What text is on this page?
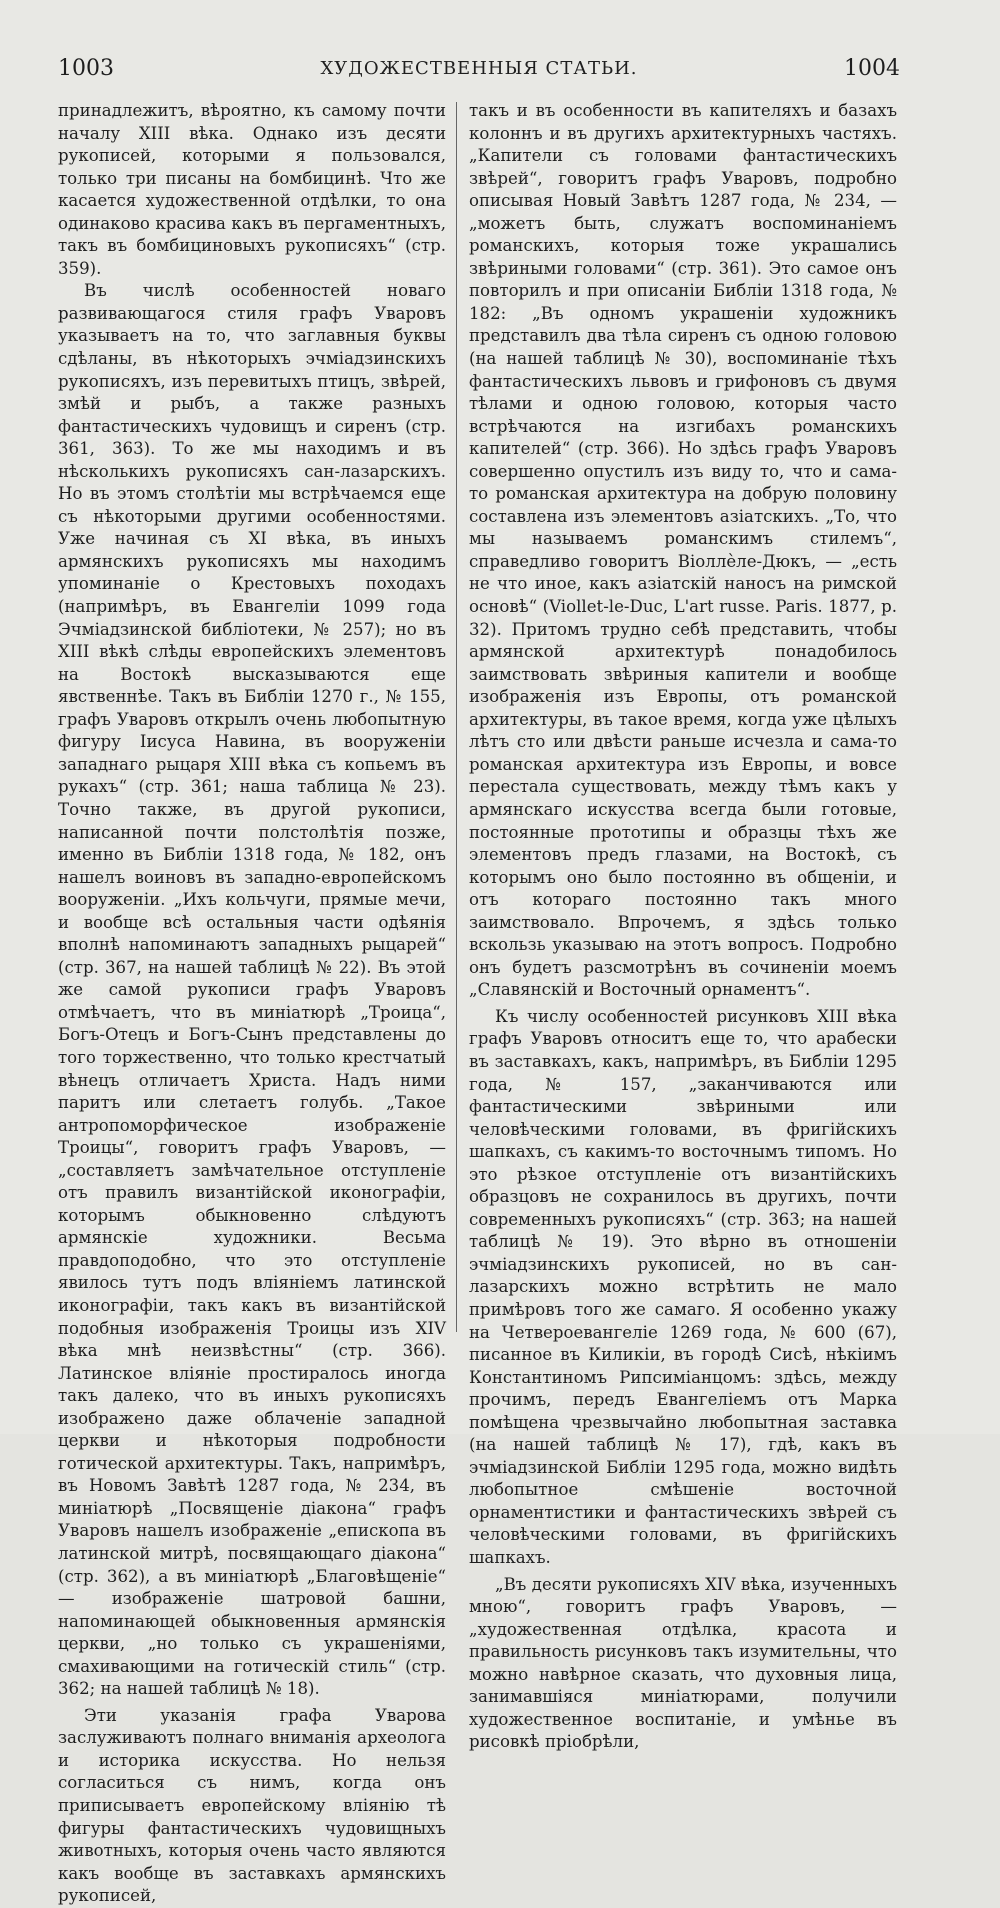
1003	ХУДОЖЕСТВЕННЫЯ СТАТЬИ.	1004

принадлежитъ, вѣроятно, къ самому почти началу XIII вѣка. Однако изъ десяти рукописей, которыми я пользовался, только три писаны на бомбицинѣ. Что же касается художественной отдѣлки, то она одинаково красива какъ въ пергаментныхъ, такъ въ бомбициновыхъ рукописяхъ“ (стр. 359).

Въ числѣ особенностей новаго развивающагося стиля графъ Уваровъ указываетъ на то, что заглавныя буквы сдѣланы, въ нѣкоторыхъ эчміадзинскихъ рукописяхъ, изъ перевитыхъ птицъ, звѣрей, змѣй и рыбъ, а также разныхъ фантастическихъ чудовищъ и сиренъ (стр. 361, 363). То же мы находимъ и въ нѣсколькихъ рукописяхъ сан-лазарскихъ. Но въ этомъ столѣтіи мы встрѣчаемся еще съ нѣкоторыми другими особенностями. Уже начиная съ XI вѣка, въ иныхъ армянскихъ рукописяхъ мы находимъ упоминаніе о Крестовыхъ походахъ (напримѣръ, въ Евангеліи 1099 года Эчміадзинской библіотеки, № 257); но въ XIII вѣкѣ слѣды европейскихъ элементовъ на Востокѣ высказываются еще явственнѣе. Такъ въ Библіи 1270 г., № 155, графъ Уваровъ открылъ очень любопытную фигуру Іисуса Навина, въ вооруженіи западнаго рыцаря XIII вѣка съ копьемъ въ рукахъ“ (стр. 361; наша таблица № 23). Точно также, въ другой рукописи, написанной почти полстолѣтія позже, именно въ Библіи 1318 года, № 182, онъ нашелъ воиновъ въ западно-европейскомъ вооруженіи. „Ихъ кольчуги, прямые мечи, и вообще всѣ остальныя части одѣянія вполнѣ напоминаютъ западныхъ рыцарей“ (стр. 367, на нашей таблицѣ № 22). Въ этой же самой рукописи графъ Уваровъ отмѣчаетъ, что въ миніатюрѣ „Троица“, Богъ-Отецъ и Богъ-Сынъ представлены до того торжественно, что только крестчатый вѣнецъ отличаетъ Христа. Надъ ними паритъ или слетаетъ голубь. „Такое антропоморфическое изображеніе Троицы“, говоритъ графъ Уваровъ, — „составляетъ замѣчательное отступленіе отъ правилъ византійской иконографіи, которымъ обыкновенно слѣдуютъ армянскіе художники. Весьма правдоподобно, что это отступленіе явилось тутъ подъ вліяніемъ латинской иконографіи, такъ какъ въ византійской подобныя изображенія Троицы изъ XIV вѣка мнѣ неизвѣстны“ (стр. 366). Латинское вліяніе простиралось иногда такъ далеко, что въ иныхъ рукописяхъ изображено даже облаченіе западной церкви и нѣкоторыя подробности готической архитектуры. Такъ, напримѣръ, въ Новомъ Завѣтѣ 1287 года, № 234, въ миніатюрѣ „Посвященіе діакона“ графъ Уваровъ нашелъ изображеніе „епископа въ латинской митрѣ, посвящающаго діакона“ (стр. 362), а въ миніатюрѣ „Благовѣщеніе“ — изображеніе шатровой башни, напоминающей обыкновенныя армянскія церкви, „но только съ украшеніями, смахивающими на готическій стиль“ (стр. 362; на нашей таблицѣ № 18).

Эти указанія графа Уварова заслуживаютъ полнаго вниманія археолога и историка искусства. Но нельзя согласиться съ нимъ, когда онъ приписываетъ европейскому вліянію тѣ фигуры фантастическихъ чудовищныхъ животныхъ, которыя очень часто являются какъ вообще въ заставкахъ армянскихъ рукописей,

такъ и въ особенности въ капителяхъ и базахъ колоннъ и въ другихъ архитектурныхъ частяхъ. „Капители съ головами фантастическихъ звѣрей“, говоритъ графъ Уваровъ, подробно описывая Новый Завѣтъ 1287 года, № 234, — „можетъ быть, служатъ воспоминаніемъ романскихъ, которыя тоже украшались звѣриными головами“ (стр. 361). Это самое онъ повторилъ и при описаніи Библіи 1318 года, № 182: „Въ одномъ украшеніи художникъ представилъ два тѣла сиренъ съ одною головою (на нашей таблицѣ № 30), воспоминаніе тѣхъ фантастическихъ львовъ и грифоновъ съ двумя тѣлами и одною головою, которыя часто встрѣчаются на изгибахъ романскихъ капителей“ (стр. 366). Но здѣсь графъ Уваровъ совершенно опустилъ изъ виду то, что и сама-то романская архитектура на добрую половину составлена изъ элементовъ азіатскихъ. „То, что мы называемъ романскимъ стилемъ“, справедливо говоритъ Віоллѐле-Дюкъ, — „есть не что иное, какъ азіатскій наносъ на римской основѣ“ (Viollet-le-Duc, L'art russe. Paris. 1877, p. 32). Притомъ трудно себѣ представить, чтобы армянской архитектурѣ понадобилось заимствовать звѣриныя капители и вообще изображенія изъ Европы, отъ романской архитектуры, въ такое время, когда уже цѣлыхъ лѣтъ сто или двѣсти раньше исчезла и сама-то романская архитектура изъ Европы, и вовсе перестала существовать, между тѣмъ какъ у армянскаго искусства всегда были готовые, постоянные прототипы и образцы тѣхъ же элементовъ предъ глазами, на Востокѣ, съ которымъ оно было постоянно въ общеніи, и отъ котораго постоянно такъ много заимствовало. Впрочемъ, я здѣсь только вскользь указываю на этотъ вопросъ. Подробно онъ будетъ разсмотрѣнъ въ сочиненіи моемъ „Славянскій и Восточный орнаментъ“.

Къ числу особенностей рисунковъ XIII вѣка графъ Уваровъ относитъ еще то, что арабески въ заставкахъ, какъ, напримѣръ, въ Библіи 1295 года, № 157, „заканчиваются или фантастическими звѣриными или человѣческими головами, въ фригійскихъ шапкахъ, съ какимъ-то восточнымъ типомъ. Но это рѣзкое отступленіе отъ византійскихъ образцовъ не сохранилось въ другихъ, почти современныхъ рукописяхъ“ (стр. 363; на нашей таблицѣ № 19). Это вѣрно въ отношеніи эчміадзинскихъ рукописей, но въ сан-лазарскихъ можно встрѣтить не мало примѣровъ того же самаго. Я особенно укажу на Четвероевангеліе 1269 года, № 600 (67), писанное въ Киликіи, въ городѣ Сисѣ, нѣкіимъ Константиномъ Рипсиміанцомъ: здѣсь, между прочимъ, передъ Евангеліемъ отъ Марка помѣщена чрезвычайно любопытная заставка (на нашей таблицѣ № 17), гдѣ, какъ въ эчміадзинской Библіи 1295 года, можно видѣть любопытное смѣшеніе восточной орнаментистики и фантастическихъ звѣрей съ человѣческими головами, въ фригійскихъ шапкахъ.

„Въ десяти рукописяхъ XIV вѣка, изученныхъ мною“, говоритъ графъ Уваровъ, — „художественная отдѣлка, красота и правильность рисунковъ такъ изумительны, что можно навѣрное сказать, что духовныя лица, занимавшіяся миніатюрами, получили художественное воспитаніе, и умѣнье въ рисовкѣ пріобрѣли,
